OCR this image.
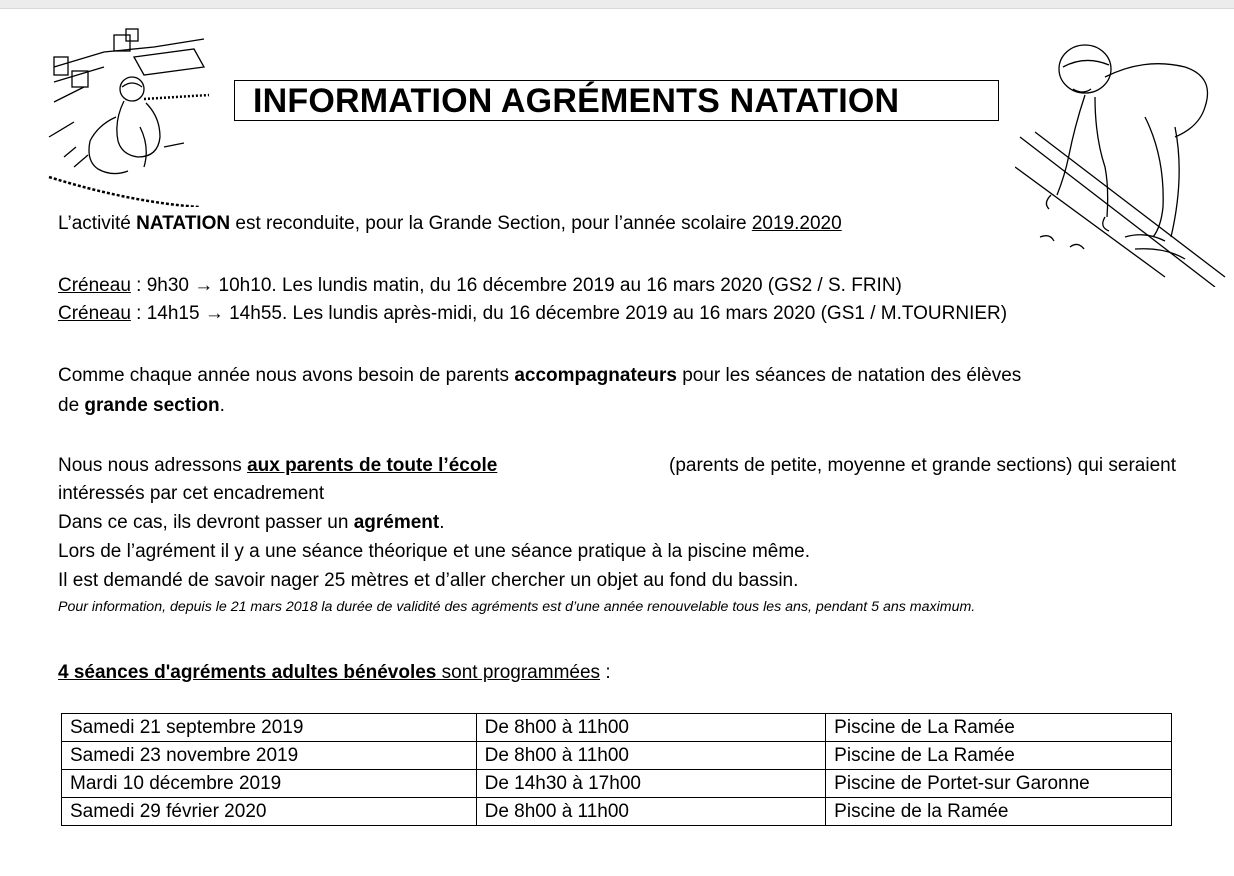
INFORMATION AGRÉMENTS NATATION
L’activité NATATION est reconduite, pour la Grande Section, pour l’année scolaire 2019.2020
Créneau : 9h30 → 10h10. Les lundis matin, du 16 décembre 2019 au 16 mars 2020 (GS2 / S. FRIN)
Créneau : 14h15 → 14h55. Les lundis après-midi, du 16 décembre 2019 au 16 mars 2020 (GS1 / M.TOURNIER)
Comme chaque année nous avons besoin de parents accompagnateurs pour les séances de natation des élèves
de grande section.
Nous nous adressons aux parents de toute l’école	(parents de petite, moyenne et grande sections) qui seraient
intéressés par cet encadrement
Dans ce cas, ils devront passer un agrément.
Lors de l’agrément il y a une séance théorique et une séance pratique à la piscine même.
Il est demandé de savoir nager 25 mètres et d’aller chercher un objet au fond du bassin.
Pour information, depuis le 21 mars 2018 la durée de validité des agréments est d’une année renouvelable tous les ans, pendant 5 ans maximum.
4 séances d'agréments adultes bénévoles sont programmées :
Samedi 21 septembre 2019	De 8h00 à 11h00	Piscine de La Ramée
Samedi 23 novembre 2019	De 8h00 à 11h00	Piscine de La Ramée
Mardi 10 décembre 2019	De 14h30 à 17h00	Piscine de Portet-sur Garonne
Samedi 29 février 2020	De 8h00 à 11h00	Piscine de la Ramée
